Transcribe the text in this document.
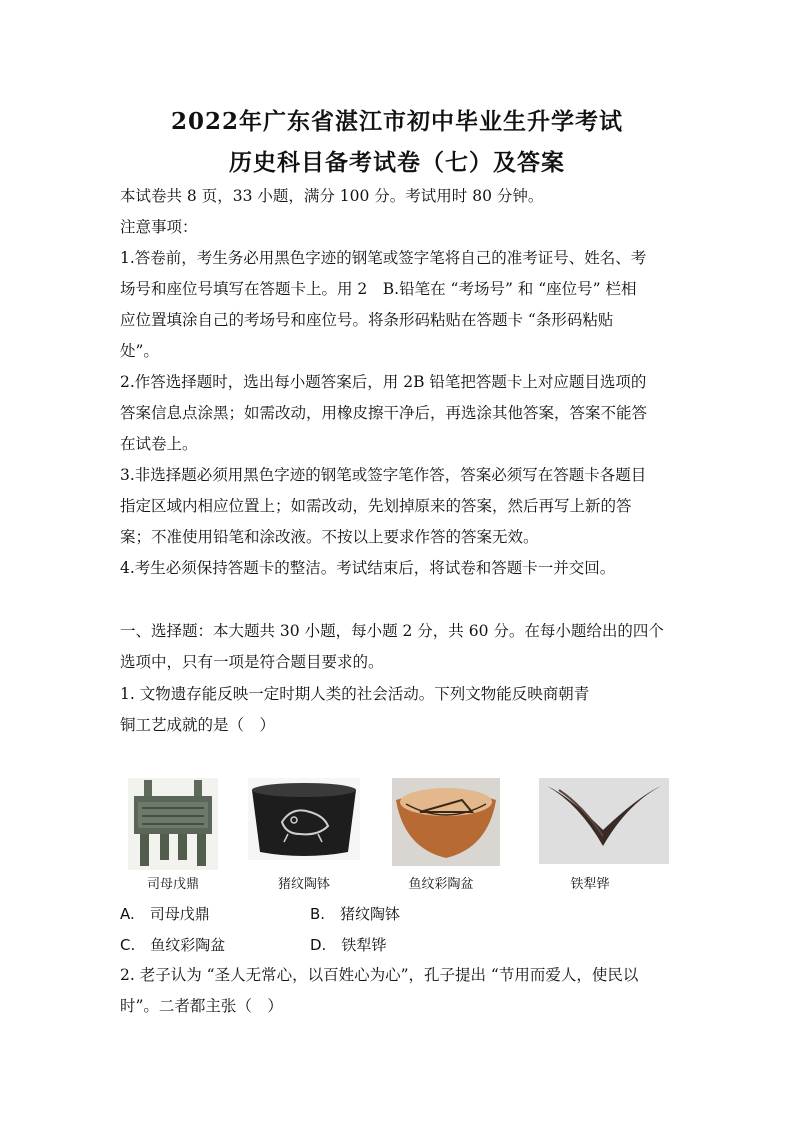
2022年广东省湛江市初中毕业生升学考试
历史科目备考试卷（七）及答案
本试卷共 8 页，33 小题，满分 100 分。考试用时 80 分钟。
注意事项：
1.答卷前，考生务必用黑色字迹的钢笔或签字笔将自己的准考证号、姓名、考
场号和座位号填写在答题卡上。用 2　B.铅笔在 “考场号” 和 “座位号” 栏相
应位置填涂自己的考场号和座位号。将条形码粘贴在答题卡 “条形码粘贴
处”。
2.作答选择题时，选出每小题答案后，用 2B 铅笔把答题卡上对应题目选项的
答案信息点涂黑；如需改动，用橡皮擦干净后，再选涂其他答案，答案不能答
在试卷上。
3.非选择题必须用黑色字迹的钢笔或签字笔作答，答案必须写在答题卡各题目
指定区域内相应位置上；如需改动，先划掉原来的答案，然后再写上新的答
案；不准使用铅笔和涂改液。不按以上要求作答的答案无效。
4.考生必须保持答题卡的整洁。考试结束后，将试卷和答题卡一并交回。
一、选择题：本大题共 30 小题，每小题 2 分，共 60 分。在每小题给出的四个
选项中，只有一项是符合题目要求的。
1. 文物遗存能反映一定时期人类的社会活动。下列文物能反映商朝青
铜工艺成就的是（　）
司母戊鼎	猪纹陶钵	鱼纹彩陶盆	铁犁铧
A.　司母戊鼎	B.　猪纹陶钵
C.　鱼纹彩陶盆	D.　铁犁铧
2. 老子认为 “圣人无常心，以百姓心为心”，孔子提出 “节用而爱人，使民以
时”。二者都主张（　）
